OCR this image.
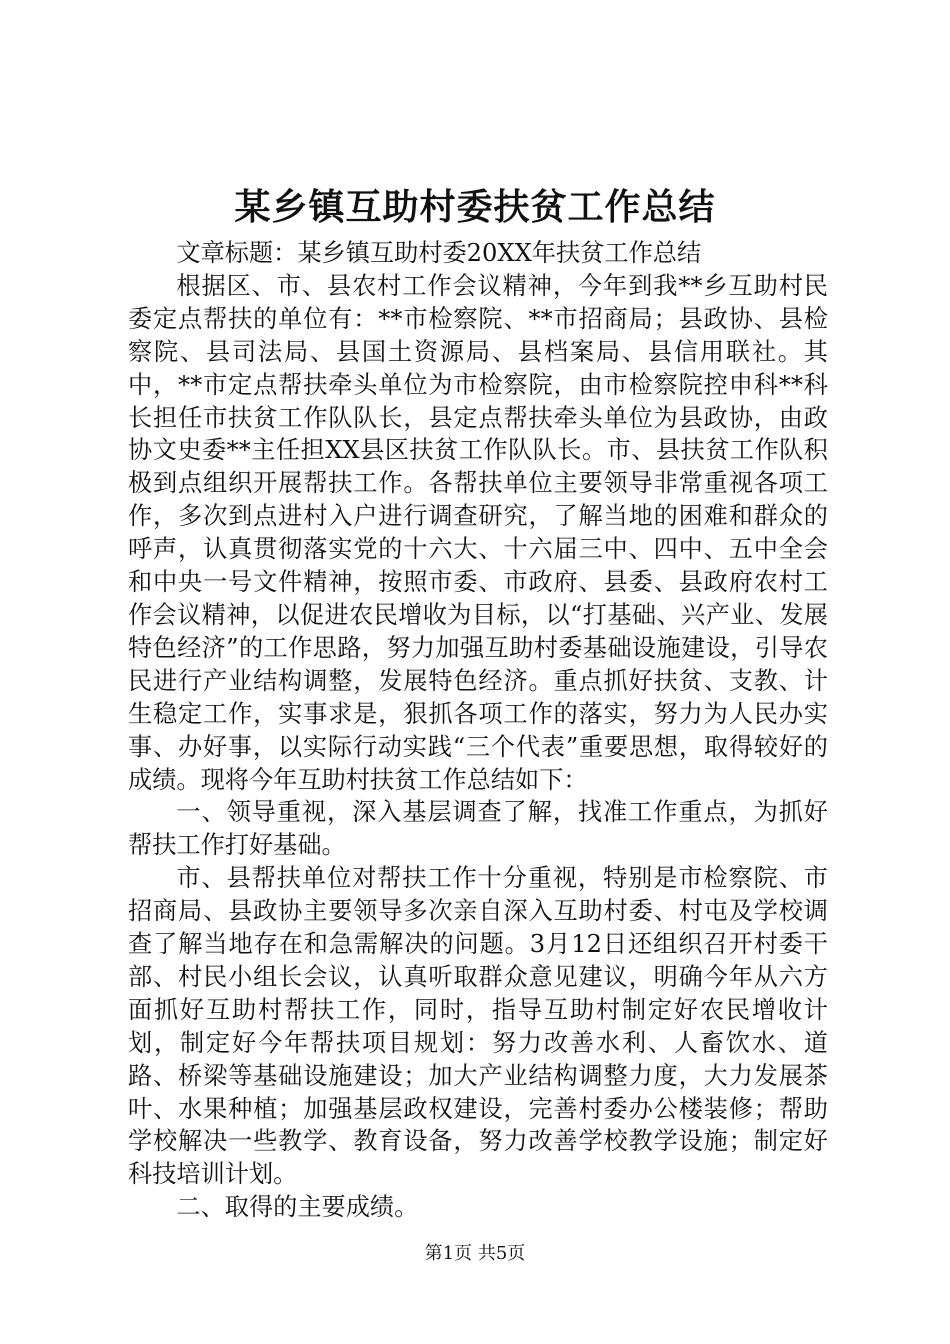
某乡镇互助村委扶贫工作总结

文章标题：某乡镇互助村委20XX年扶贫工作总结

根据区、市、县农村工作会议精神，今年到我**乡互助村民委定点帮扶的单位有：**市检察院、**市招商局；县政协、县检察院、县司法局、县国土资源局、县档案局、县信用联社。其中，**市定点帮扶牵头单位为市检察院，由市检察院控申科**科长担任市扶贫工作队队长，县定点帮扶牵头单位为县政协，由政协文史委**主任担XX县区扶贫工作队队长。市、县扶贫工作队积极到点组织开展帮扶工作。各帮扶单位主要领导非常重视各项工作，多次到点进村入户进行调查研究，了解当地的困难和群众的呼声，认真贯彻落实党的十六大、十六届三中、四中、五中全会和中央一号文件精神，按照市委、市政府、县委、县政府农村工作会议精神，以促进农民增收为目标，以“打基础、兴产业、发展特色经济”的工作思路，努力加强互助村委基础设施建设，引导农民进行产业结构调整，发展特色经济。重点抓好扶贫、支教、计生稳定工作，实事求是，狠抓各项工作的落实，努力为人民办实事、办好事，以实际行动实践“三个代表”重要思想，取得较好的成绩。现将今年互助村扶贫工作总结如下：

一、领导重视，深入基层调查了解，找准工作重点，为抓好帮扶工作打好基础。

市、县帮扶单位对帮扶工作十分重视，特别是市检察院、市招商局、县政协主要领导多次亲自深入互助村委、村屯及学校调查了解当地存在和急需解决的问题。3月12日还组织召开村委干部、村民小组长会议，认真听取群众意见建议，明确今年从六方面抓好互助村帮扶工作，同时，指导互助村制定好农民增收计划，制定好今年帮扶项目规划：努力改善水利、人畜饮水、道路、桥梁等基础设施建设；加大产业结构调整力度，大力发展茶叶、水果种植；加强基层政权建设，完善村委办公楼装修；帮助学校解决一些教学、教育设备，努力改善学校教学设施；制定好科技培训计划。

二、取得的主要成绩。

第1页 共5页
